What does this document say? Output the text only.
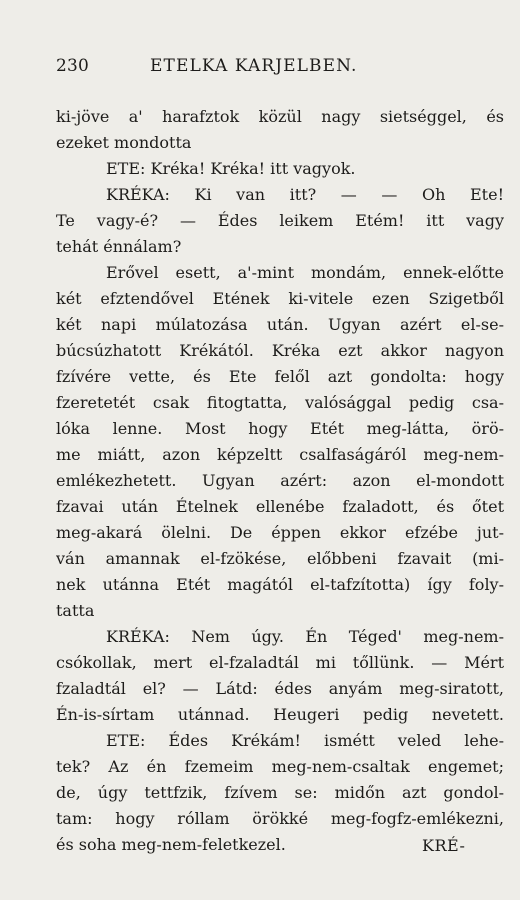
230	ETELKA KARJELBEN.
ki-jöve a' harafztok közül nagy sietséggel, és
ezeket mondotta
ETE: Kréka! Kréka! itt vagyok.
KRÉKA: Ki van itt? — — Oh Ete!
Te vagy-é? — Édes leikem Etém! itt vagy
tehát énnálam?
Erővel esett, a'-mint mondám, ennek-előtte
két efztendővel Etének ki-vitele ezen Szigetből
két napi múlatozása után. Ugyan azért el-se-
búcsúzhatott Krékától. Kréka ezt akkor nagyon
fzívére vette, és Ete felől azt gondolta: hogy
fzeretetét csak fitogtatta, valósággal pedig csa-
lóka lenne. Most hogy Etét meg-látta, örö-
me miátt, azon képzeltt csalfaságáról meg-nem-
emlékezhetett. Ugyan azért: azon el-mondott
fzavai után Ételnek ellenébe fzaladott, és őtet
meg-akará ölelni. De éppen ekkor efzébe jut-
ván amannak el-fzökése, előbbeni fzavait (mi-
nek utánna Etét magától el-tafzította) így foly-
tatta
KRÉKA: Nem úgy. Én Téged' meg-nem-
csókollak, mert el-fzaladtál mi tőllünk. — Mért
fzaladtál el? — Látd: édes anyám meg-siratott,
Én-is-sírtam utánnad. Heugeri pedig nevetett.
ETE: Édes Krékám! ismétt veled lehe-
tek? Az én fzemeim meg-nem-csaltak engemet;
de, úgy tettfzik, fzívem se: midőn azt gondol-
tam: hogy róllam örökké meg-fogfz-emlékezni,
és soha meg-nem-feletkezel.	KRÉ-
